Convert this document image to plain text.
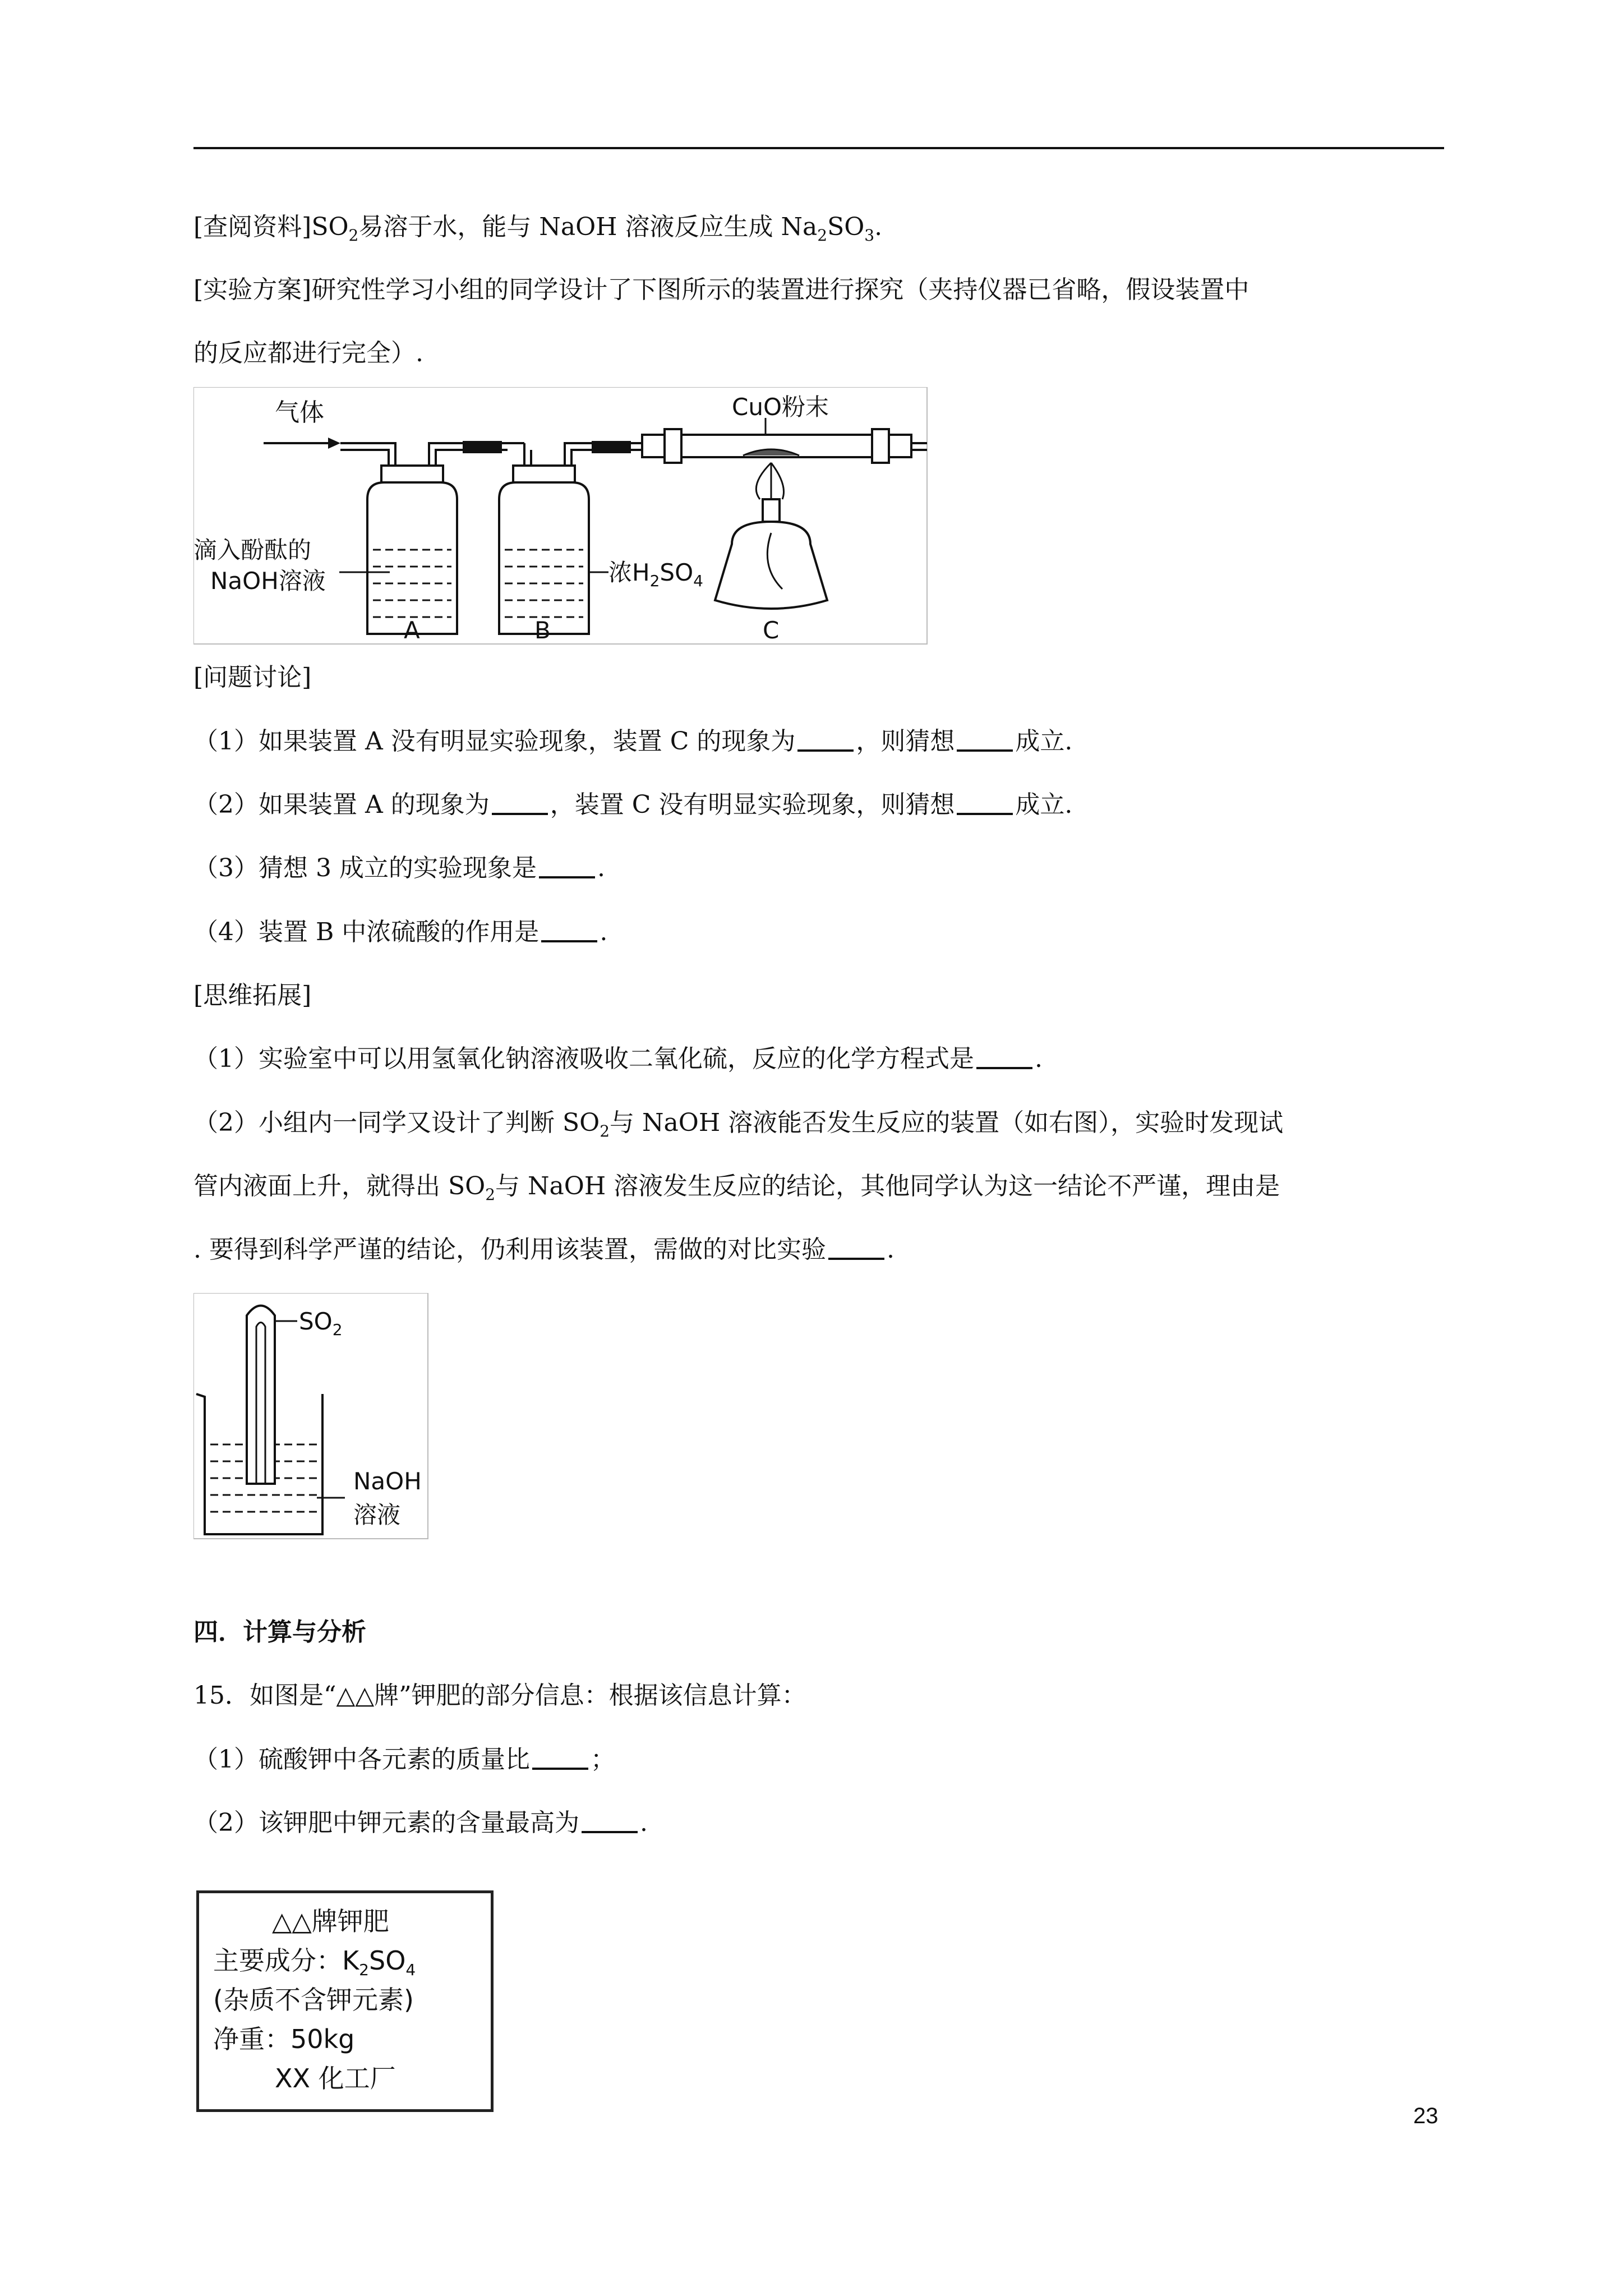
[查阅资料]$SO_2$易溶于水，能与 NaOH 溶液反应生成 $Na_2SO_3$.
[实验方案]研究性学习小组的同学设计了下图所示的装置进行探究（夹持仪器已省略，假设装置中
的反应都进行完全）.
气体	CuO粉末
滴入酚酞的
NaOH溶液	浓$H_2SO_4$
A	B	C
[问题讨论]
（1）如果装置 A 没有明显实验现象，装置 C 的现象为 ，则猜想 成立.
（2）如果装置 A 的现象为 ，装置 C 没有明显实验现象，则猜想 成立.
（3）猜想 3 成立的实验现象是 .
（4）装置 B 中浓硫酸的作用是 .
[思维拓展]
（1）实验室中可以用氢氧化钠溶液吸收二氧化硫，反应的化学方程式是 .
（2）小组内一同学又设计了判断 $SO_2$与 NaOH 溶液能否发生反应的装置（如右图），实验时发现试
管内液面上升，就得出 $SO_2$与 NaOH 溶液发生反应的结论，其他同学认为这一结论不严谨，理由是
. 要得到科学严谨的结论，仍利用该装置，需做的对比实验 .
$SO_2$
NaOH
溶液
四．计算与分析
15．如图是“△△牌”钾肥的部分信息：根据该信息计算：
（1）硫酸钾中各元素的质量比 ；
（2）该钾肥中钾元素的含量最高为 .
△△牌钾肥
主要成分：$K_2SO_4$
(杂质不含钾元素)
净重：50kg
XX 化工厂
23
